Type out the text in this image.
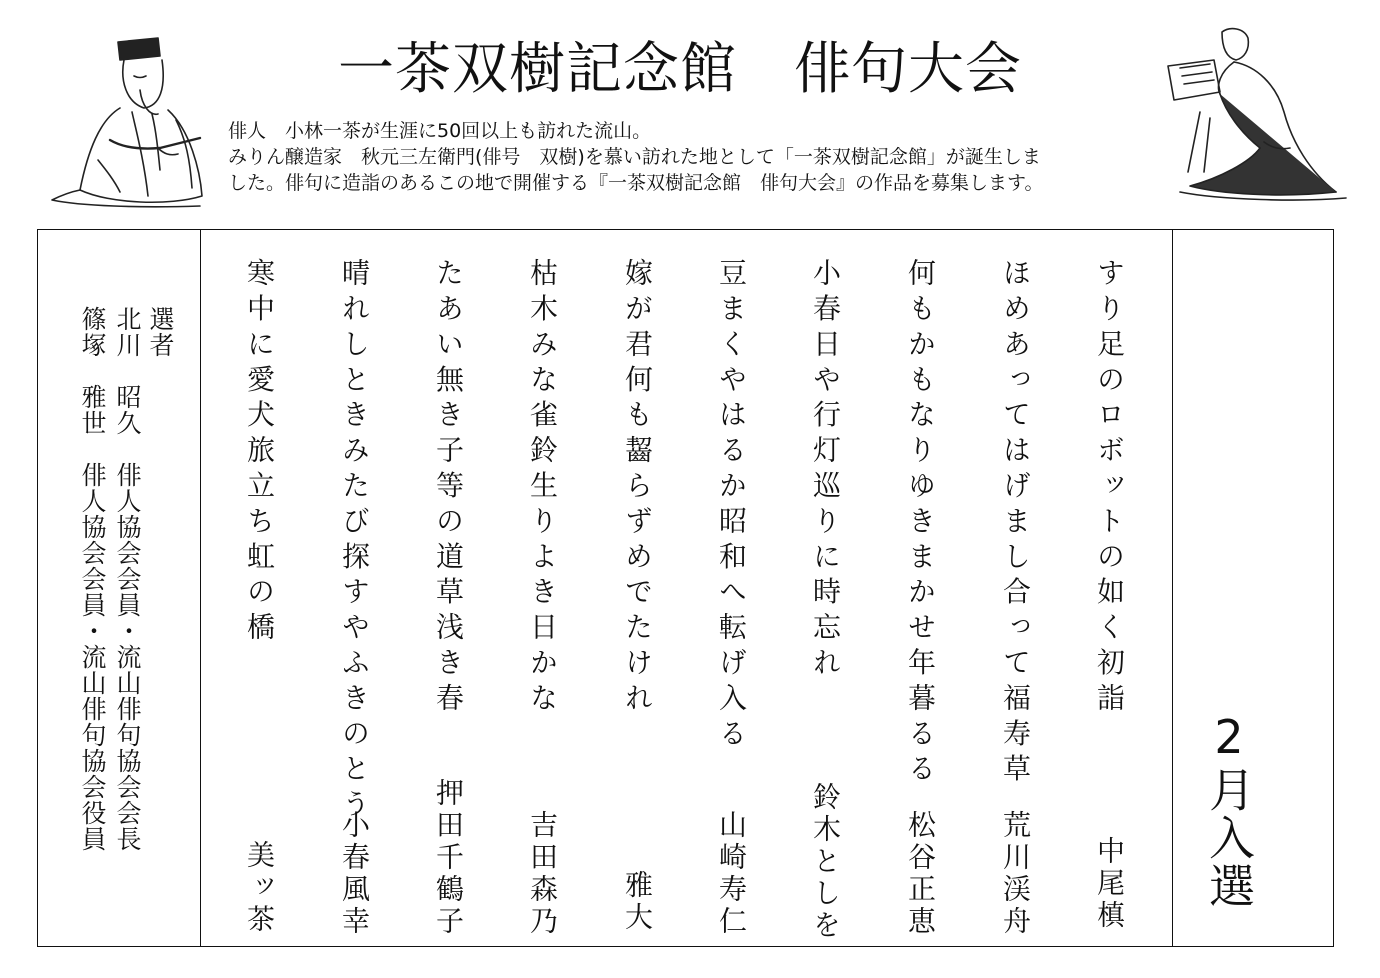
一茶双樹記念館　俳句大会
俳人　小林一茶が生涯に50回以上も訪れた流山。
みりん醸造家　秋元三左衛門(俳号　双樹)を慕い訪れた地として「一茶双樹記念館」が誕生しま
した。俳句に造詣のあるこの地で開催する『一茶双樹記念館　俳句大会』の作品を募集します。
選者
北川　昭久　俳人協会会員・流山俳句協会会長
篠塚　雅世　俳人協会会員・流山俳句協会役員	2月入選
すり足のロボットの如く初詣
中尾槙
ほめあってはげまし合って福寿草
荒川渓舟
何もかもなりゆきまかせ年暮るる
松谷正恵
小春日や行灯巡りに時忘れ
鈴木としを
豆まくやはるか昭和へ転げ入る
山崎寿仁
嫁が君何も齧らずめでたけれ
雅大
枯木みな雀鈴生りよき日かな
吉田森乃
たあい無き子等の道草浅き春
押田千鶴子
晴れしときみたび探すやふきのとう
小春風幸
寒中に愛犬旅立ち虹の橋
美ッ茶
